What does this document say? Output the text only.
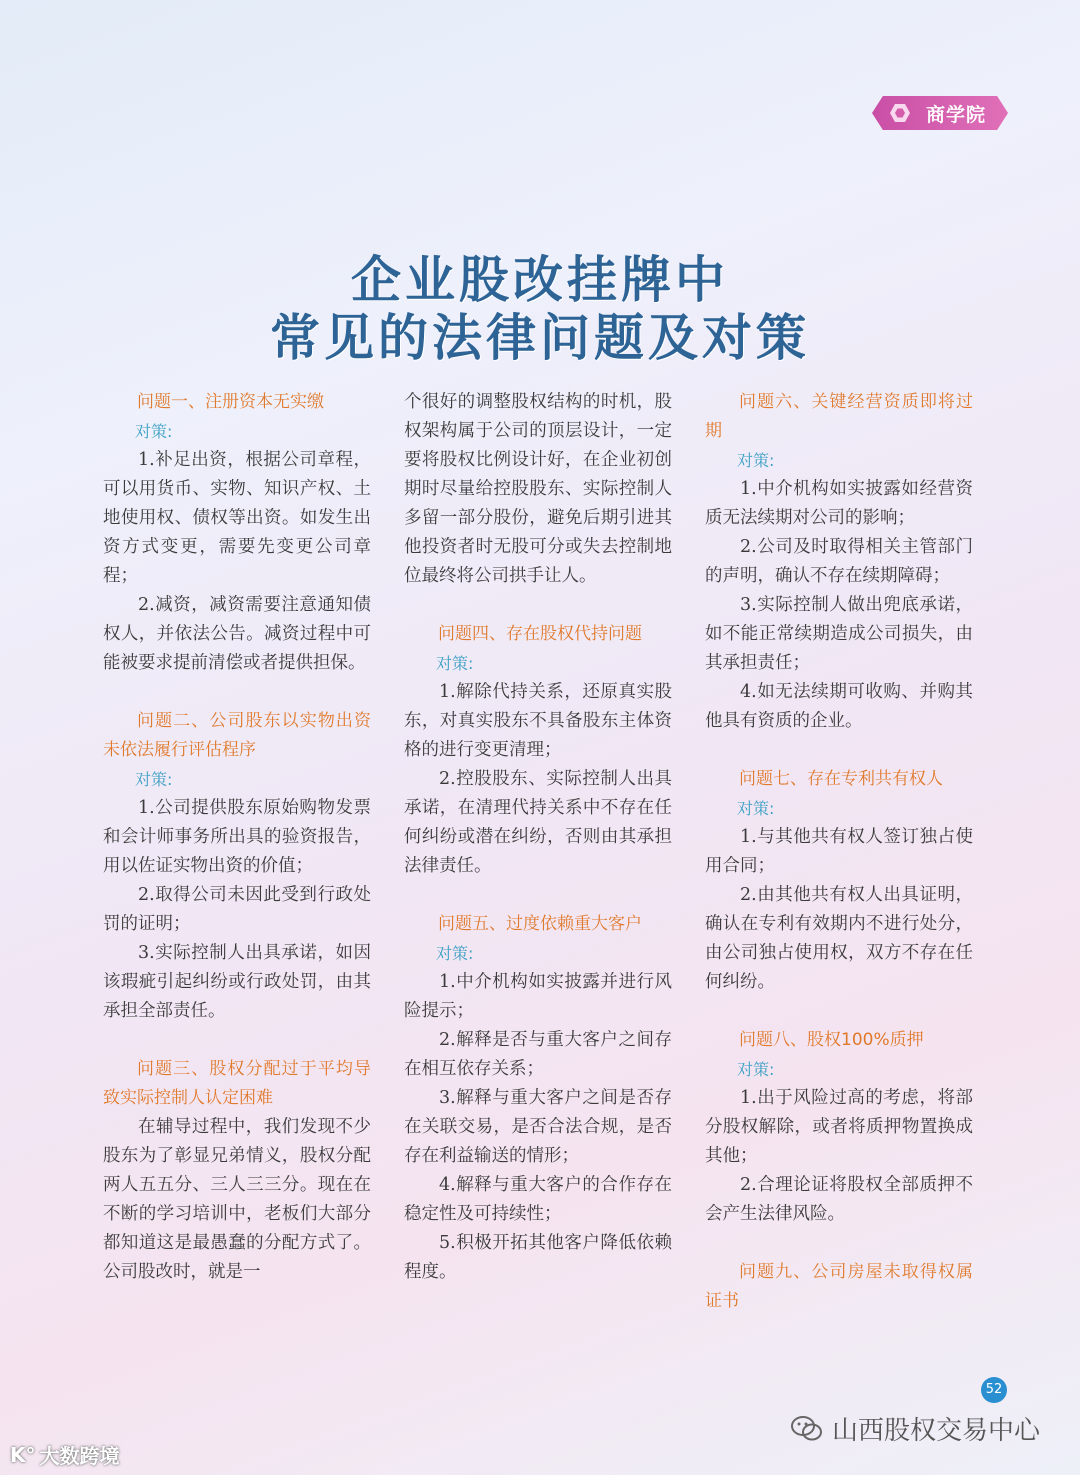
商学院
企业股改挂牌中
常见的法律问题及对策

问题一、注册资本无实缴

对策:

1.补足出资，根据公司章程，可以用货币、实物、知识产权、土地使用权、债权等出资。如发生出资方式变更，需要先变更公司章程；

2.减资，减资需要注意通知债权人，并依法公告。减资过程中可能被要求提前清偿或者提供担保。

问题二、公司股东以实物出资未依法履行评估程序

对策:

1.公司提供股东原始购物发票和会计师事务所出具的验资报告，用以佐证实物出资的价值；

2.取得公司未因此受到行政处罚的证明；

3.实际控制人出具承诺，如因该瑕疵引起纠纷或行政处罚，由其承担全部责任。

问题三、股权分配过于平均导致实际控制人认定困难

在辅导过程中，我们发现不少股东为了彰显兄弟情义，股权分配两人五五分、三人三三分。现在在不断的学习培训中，老板们大部分都知道这是最愚蠢的分配方式了。公司股改时，就是一

个很好的调整股权结构的时机，股权架构属于公司的顶层设计，一定要将股权比例设计好，在企业初创期时尽量给控股股东、实际控制人多留一部分股份，避免后期引进其他投资者时无股可分或失去控制地位最终将公司拱手让人。

问题四、存在股权代持问题

对策:

1.解除代持关系，还原真实股东，对真实股东不具备股东主体资格的进行变更清理；

2.控股股东、实际控制人出具承诺，在清理代持关系中不存在任何纠纷或潜在纠纷，否则由其承担法律责任。

问题五、过度依赖重大客户

对策:

1.中介机构如实披露并进行风险提示；

2.解释是否与重大客户之间存在相互依存关系；

3.解释与重大客户之间是否存在关联交易，是否合法合规，是否存在利益输送的情形；

4.解释与重大客户的合作存在稳定性及可持续性；

5.积极开拓其他客户降低依赖程度。

问题六、关键经营资质即将过期

对策:

1.中介机构如实披露如经营资质无法续期对公司的影响；

2.公司及时取得相关主管部门的声明，确认不存在续期障碍；

3.实际控制人做出兜底承诺，如不能正常续期造成公司损失，由其承担责任；

4.如无法续期可收购、并购其他具有资质的企业。

问题七、存在专利共有权人

对策:

1.与其他共有权人签订独占使用合同；

2.由其他共有权人出具证明，确认在专利有效期内不进行处分，由公司独占使用权，双方不存在任何纠纷。

问题八、股权100%质押

对策:

1.出于风险过高的考虑，将部分股权解除，或者将质押物置换成其他；

2.合理论证将股权全部质押不会产生法律风险。

问题九、公司房屋未取得权属证书

52
山西股权交易中心
K° 大数跨境
